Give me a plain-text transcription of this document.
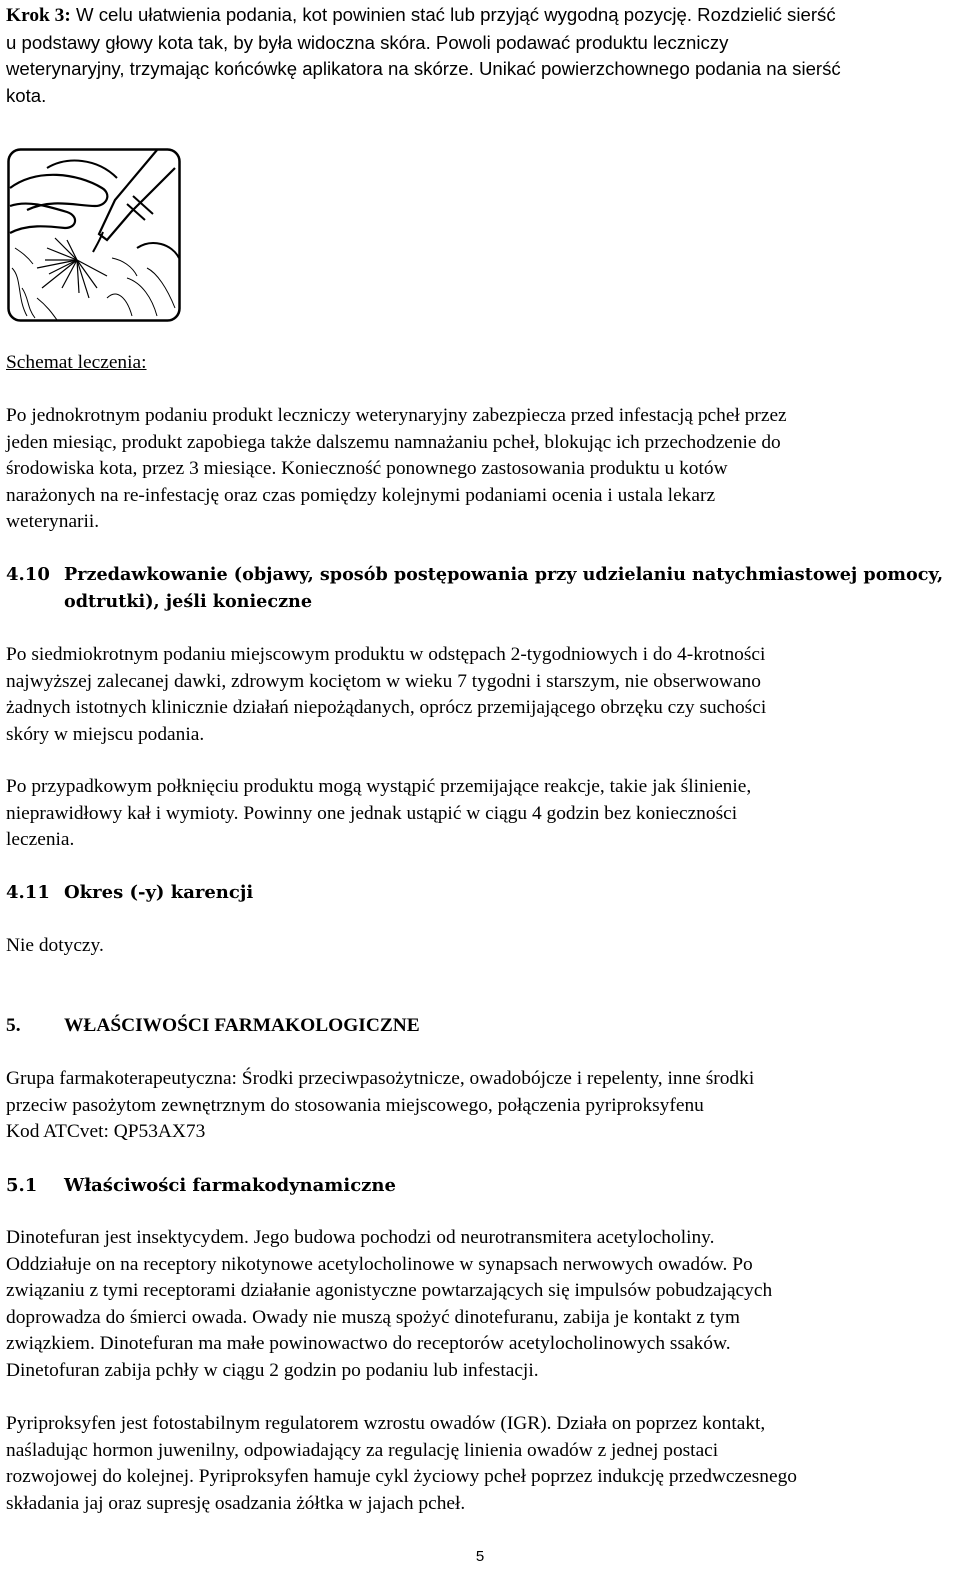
Krok 3: W celu ułatwienia podania, kot powinien stać lub przyjąć wygodną pozycję. Rozdzielić sierść

u podstawy głowy kota tak, by była widoczna skóra. Powoli podawać produktu leczniczy

weterynaryjny, trzymając końcówkę aplikatora na skórze. Unikać powierzchownego podania na sierść

kota.

Schemat leczenia:

Po jednokrotnym podaniu produkt leczniczy weterynaryjny zabezpiecza przed infestacją pcheł przez

jeden miesiąc, produkt zapobiega także dalszemu namnażaniu pcheł, blokując ich przechodzenie do

środowiska kota, przez 3 miesiące. Konieczność ponownego zastosowania produktu u kotów

narażonych na re-infestację oraz czas pomiędzy kolejnymi podaniami ocenia i ustala lekarz

weterynarii.

4.10 Przedawkowanie (objawy, sposób postępowania przy udzielaniu natychmiastowej pomocy,
odtrutki), jeśli konieczne

Po siedmiokrotnym podaniu miejscowym produktu w odstępach 2-tygodniowych i do 4-krotności

najwyższej zalecanej dawki, zdrowym kociętom w wieku 7 tygodni i starszym, nie obserwowano

żadnych istotnych klinicznie działań niepożądanych, oprócz przemijającego obrzęku czy suchości

skóry w miejscu podania.

Po przypadkowym połknięciu produktu mogą wystąpić przemijające reakcje, takie jak ślinienie,

nieprawidłowy kał i wymioty. Powinny one jednak ustąpić w ciągu 4 godzin bez konieczności

leczenia.

4.11 Okres (-y) karencji

Nie dotyczy.

5. WŁAŚCIWOŚCI FARMAKOLOGICZNE

Grupa farmakoterapeutyczna: Środki przeciwpasożytnicze, owadobójcze i repelenty, inne środki

przeciw pasożytom zewnętrznym do stosowania miejscowego, połączenia pyriproksyfenu

Kod ATCvet: QP53AX73

5.1 Właściwości farmakodynamiczne

Dinotefuran jest insektycydem. Jego budowa pochodzi od neurotransmitera acetylocholiny.

Oddziałuje on na receptory nikotynowe acetylocholinowe w synapsach nerwowych owadów. Po

związaniu z tymi receptorami działanie agonistyczne powtarzających się impulsów pobudzających

doprowadza do śmierci owada. Owady nie muszą spożyć dinotefuranu, zabija je kontakt z tym

związkiem. Dinotefuran ma małe powinowactwo do receptorów acetylocholinowych ssaków.

Dinetofuran zabija pchły w ciągu 2 godzin po podaniu lub infestacji.

Pyriproksyfen jest fotostabilnym regulatorem wzrostu owadów (IGR). Działa on poprzez kontakt,

naśladując hormon juwenilny, odpowiadający za regulację linienia owadów z jednej postaci

rozwojowej do kolejnej. Pyriproksyfen hamuje cykl życiowy pcheł poprzez indukcję przedwczesnego

składania jaj oraz supresję osadzania żółtka w jajach pcheł.

5
